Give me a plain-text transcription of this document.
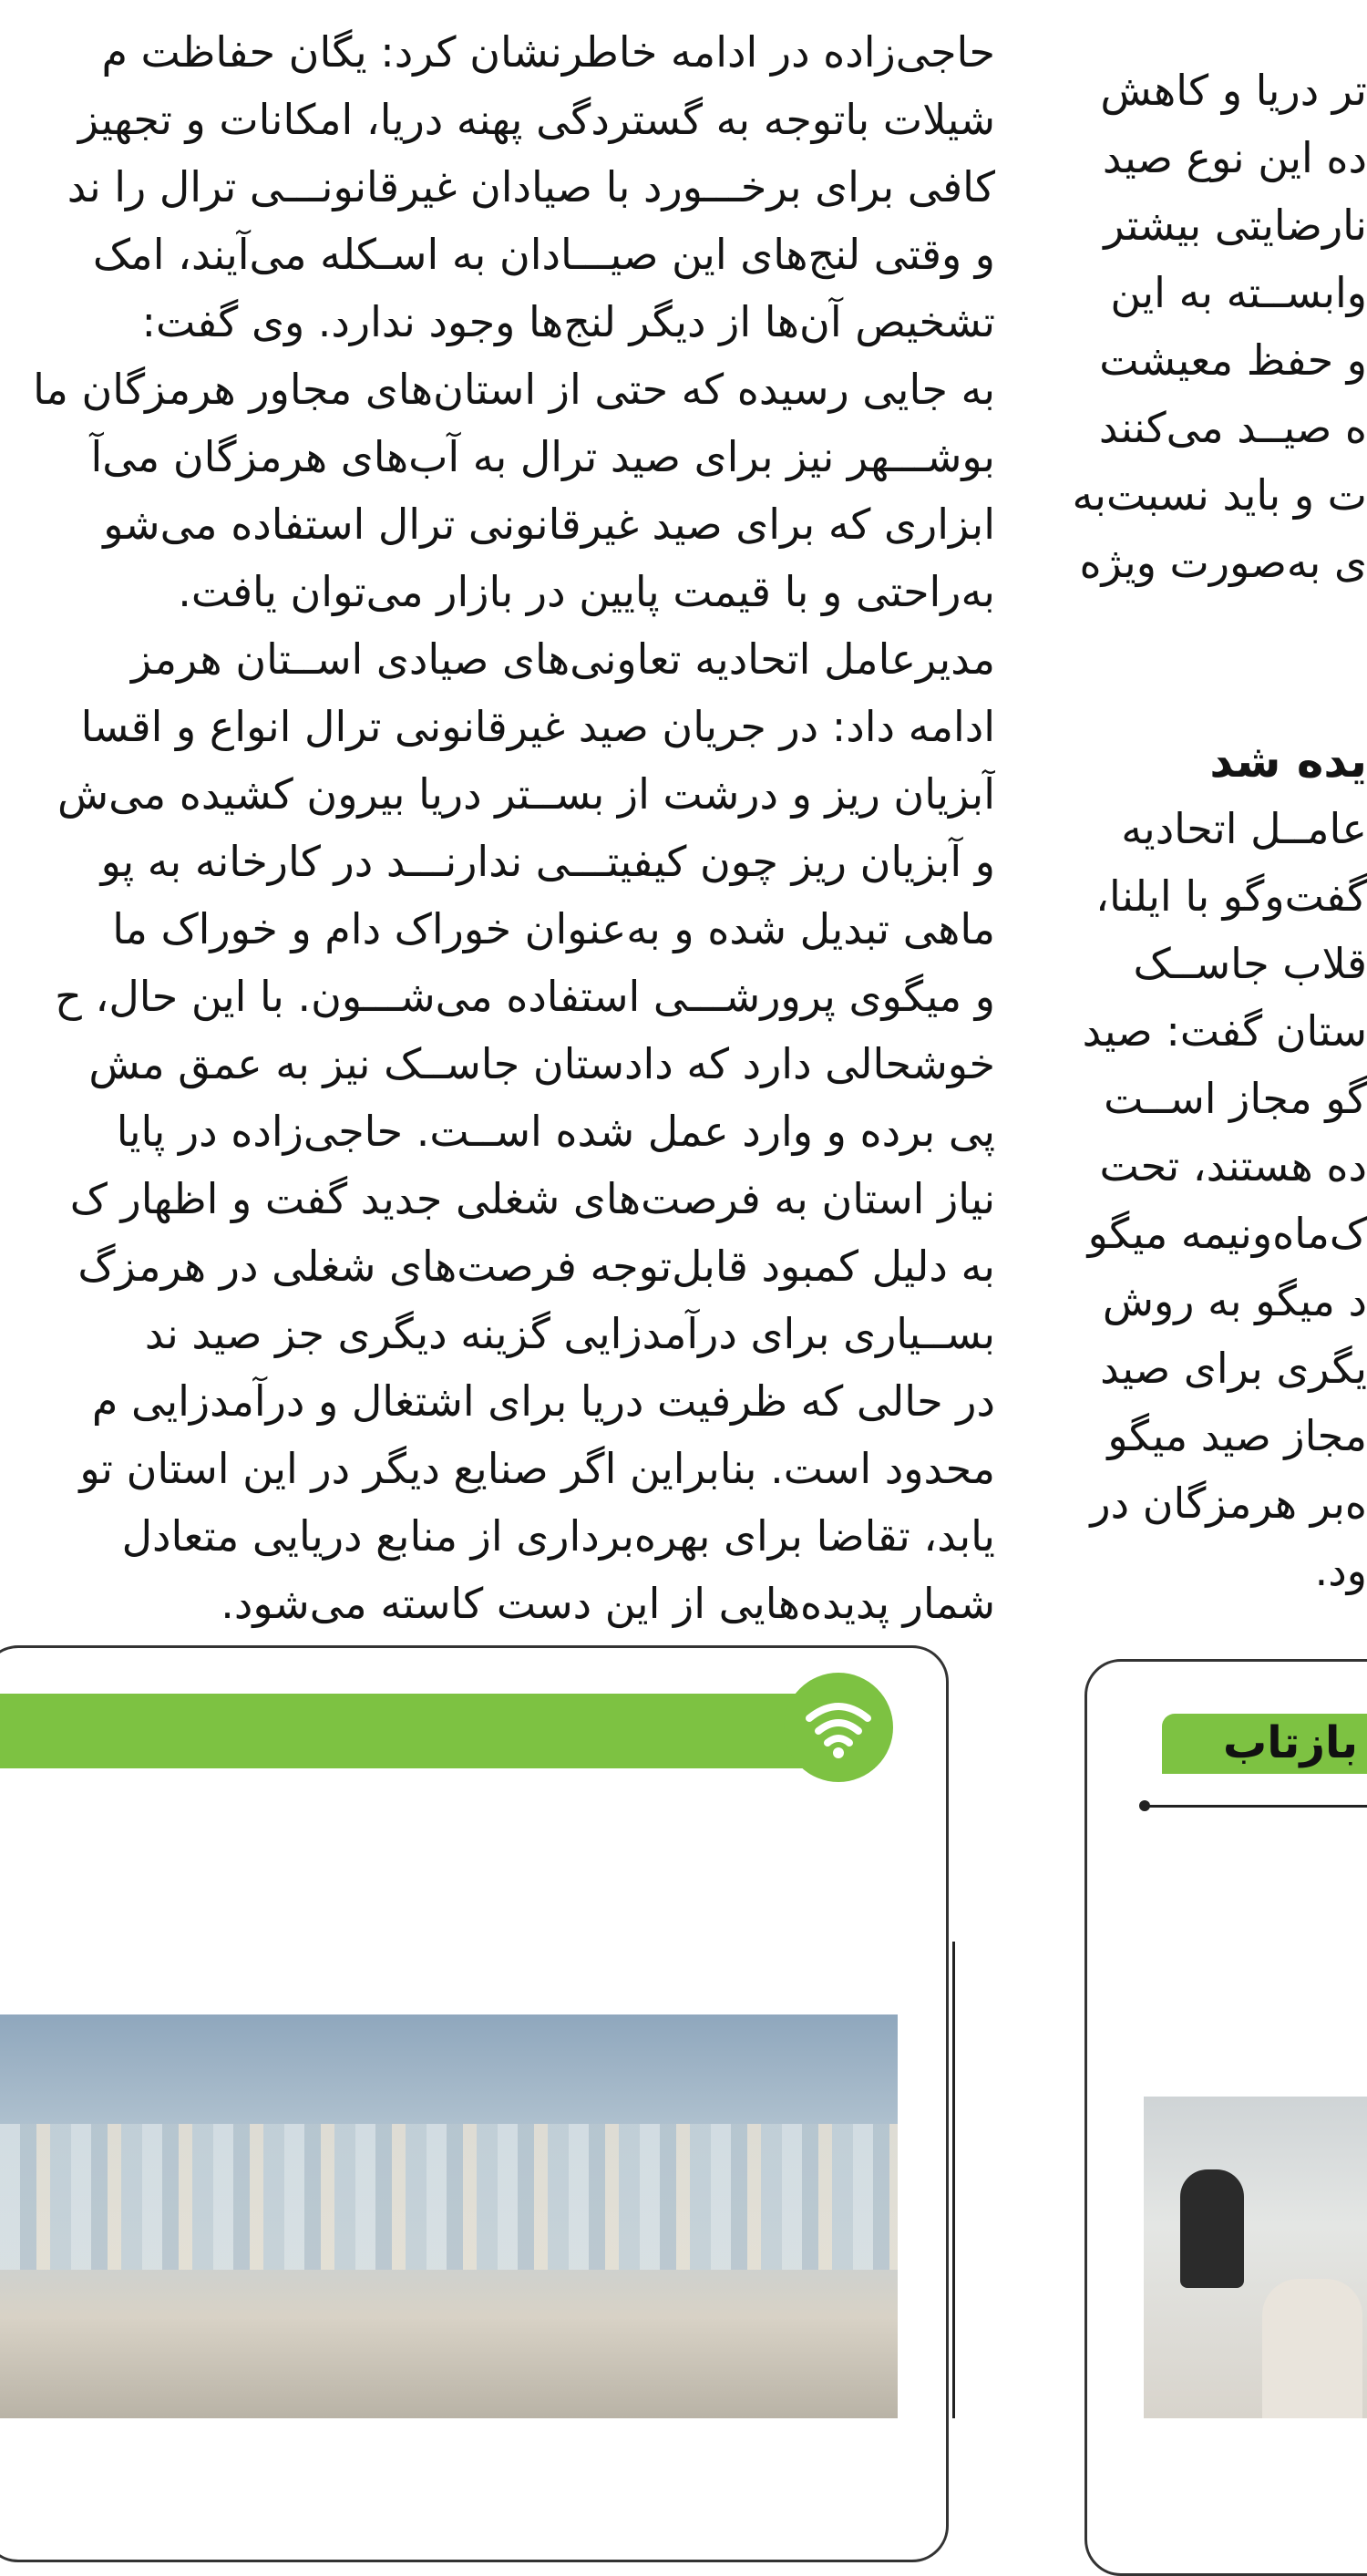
حاجی‌زاده در ادامه خاطرنشان کرد: یگان حفاظت م

شیلات باتوجه به گستردگی پهنه دریا، امکانات و تجهیز

کافی برای برخـــورد با صیادان غیرقانونـــی ترال را ند

و وقتی لنج‌های این صیـــادان به اسـکله می‌آیند، امک

تشخیص آن‌ها از دیگر لنج‌ها وجود ندارد. وی گفت:

به جایی رسیده که حتی از استان‌های مجاور هرمزگان ما

بوشـــهر نیز برای صید ترال به آب‌های هرمزگان می‌آ

ابزاری که برای صید غیرقانونی ترال استفاده می‌شو

به‌راحتی و با قیمت پایین در بازار می‌توان یافت.

مدیرعامل اتحادیه تعاونی‌های صیادی اســتان هرمز

ادامه داد: در جریان صید غیرقانونی ترال انواع و اقسا

آبزیان ریز و درشت از بســتر دریا بیرون کشیده می‌ش

و آبزیان ریز چون کیفیتـــی ندارنـــد در کارخانه به پو

ماهی تبدیل شده و به‌عنوان خوراک دام و خوراک ما

و میگوی پرورشـــی استفاده می‌شـــون. با این حال، ح

خوشحالی دارد که دادستان جاســک نیز به عمق مش

پی برده و وارد عمل شده اســت. حاجی‌زاده در پایا

نیاز استان به فرصت‌های شغلی جدید گفت و اظهار ک

به دلیل کمبود قابل‌توجه فرصت‌های شغلی در هرمزگ

بســیاری برای درآمدزایی گزینه دیگری جز صید ند

در حالی که ظرفیت دریا برای اشتغال و درآمدزایی م

محدود است. بنابراین اگر صنایع دیگر در این استان تو

یابد، تقاضا برای بهره‌برداری از منابع دریایی متعادل

شمار پدیده‌هایی از این دست کاسته می‌شود.

تر دریا و کاهش

ده این نوع صید

نارضایتی بیشتر

وابســته به این

و حفظ معیشت

ه صیــد می‌کنند

ت و باید نسبت‌به

ی به‌صورت ویژه

یده شد

عامــل اتحادیه

گفت‌وگو با ایلنا،

قلاب جاســک

ستان گفت: صید

گو مجاز اســت

ده هستند، تحت

ک‌ماه‌ونیمه میگو

د میگو به روش

یگری برای صید

مجاز صید میگو

ه‌بر هرمزگان در

ود.

بازتاب
